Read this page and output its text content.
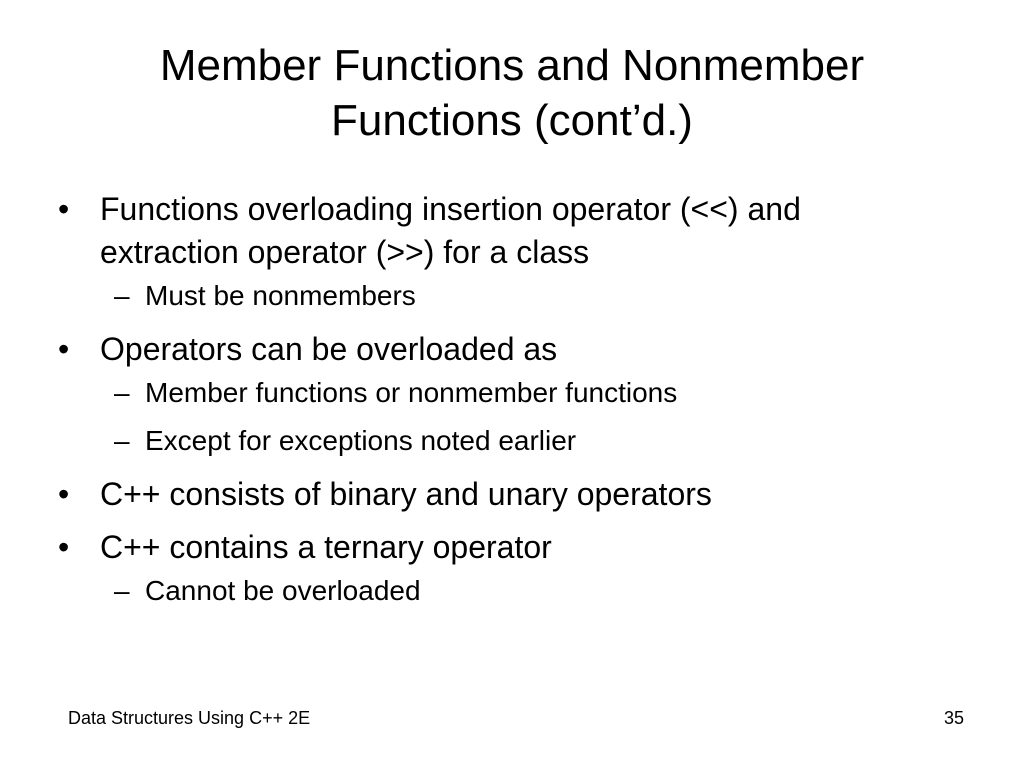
Member Functions and Nonmember
Functions (cont’d.)
• Functions overloading insertion operator (<<) and
extraction operator (>>) for a class
– Must be nonmembers
• Operators can be overloaded as
– Member functions or nonmember functions
– Except for exceptions noted earlier
• C++ consists of binary and unary operators
• C++ contains a ternary operator
– Cannot be overloaded
Data Structures Using C++ 2E	35
